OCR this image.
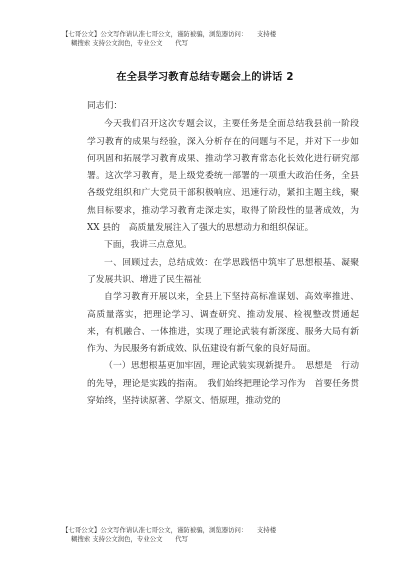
【七哥公文】公文写作请认准七哥公文，谨防被骗，浏览器访问：　　支持楼
糊搜索 支持公文润色，专业公文　　代写
在全县学习教育总结专题会上的讲话 2

同志们：

今天我们召开这次专题会议，主要任务是全面总结我县前一阶段学习教育的成果与经验，深入分析存在的问题与不足，并对下一步如何巩固和拓展学习教育成果、推动学习教育常态化长效化进行研究部署。这次学习教育，是上级党委统一部署的一项重大政治任务，全县各级党组织和广大党员干部积极响应、迅速行动，紧扣主题主线，聚焦目标要求，推动学习教育走深走实，取得了阶段性的显著成效，为 XX 县的　高质量发展注入了强大的思想动力和组织保证。

下面，我讲三点意见。

一、回顾过去，总结成效：在学思践悟中筑牢了思想根基、凝聚了发展共识、增进了民生福祉

自学习教育开展以来，全县上下坚持高标准谋划、高效率推进、高质量落实，把理论学习、调查研究、推动发展、检视整改贯通起来，有机融合、一体推进，实现了理论武装有新深度、服务大局有新作为、为民服务有新成效、队伍建设有新气象的良好局面。

（一）思想根基更加牢固，理论武装实现新提升。　思想是　行动的先导，理论是实践的指南。　我们始终把理论学习作为　首要任务贯穿始终，坚持读原著、学原文、悟原理，推动党的

【七哥公文】公文写作请认准七哥公文，谨防被骗，浏览器访问：　　支持楼
糊搜索 支持公文润色，专业公文　　代写
